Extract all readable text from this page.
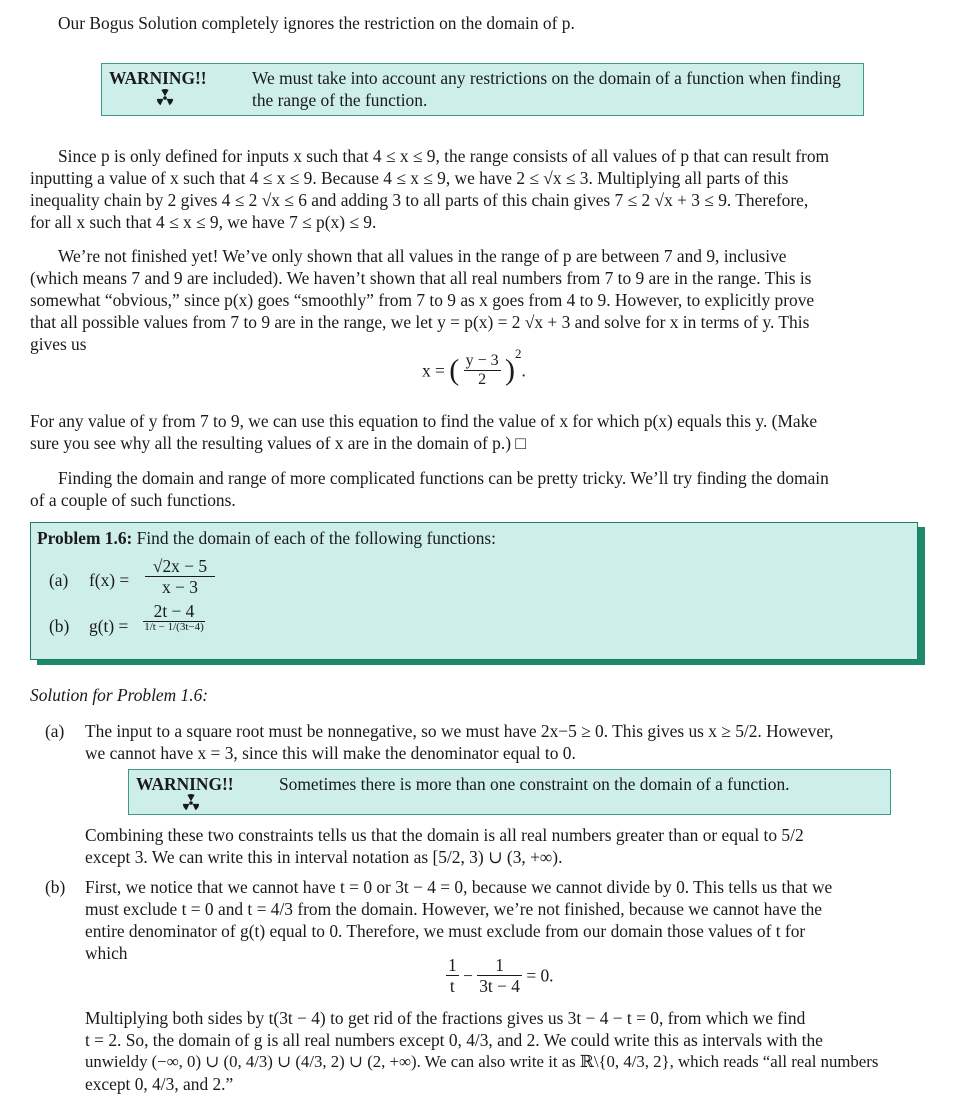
Our Bogus Solution completely ignores the restriction on the domain of p.
WARNING!!	We must take into account any restrictions on the domain of a function when finding the range of the function.
Since p is only defined for inputs x such that 4 ≤ x ≤ 9, the range consists of all values of p that can result from
inputting a value of x such that 4 ≤ x ≤ 9. Because 4 ≤ x ≤ 9, we have 2 ≤ √x ≤ 3. Multiplying all parts of this
inequality chain by 2 gives 4 ≤ 2 √x ≤ 6 and adding 3 to all parts of this chain gives 7 ≤ 2 √x + 3 ≤ 9. Therefore,
for all x such that 4 ≤ x ≤ 9, we have 7 ≤ p(x) ≤ 9.
We’re not finished yet! We’ve only shown that all values in the range of p are between 7 and 9, inclusive
(which means 7 and 9 are included). We haven’t shown that all real numbers from 7 to 9 are in the range. This is
somewhat “obvious,” since p(x) goes “smoothly” from 7 to 9 as x goes from 4 to 9. However, to explicitly prove
that all possible values from 7 to 9 are in the range, we let y = p(x) = 2 √x + 3 and solve for x in terms of y. This
gives us
x = ( $\frac{y - 3}{2} )^2$.
For any value of y from 7 to 9, we can use this equation to find the value of x for which p(x) equals this y. (Make
sure you see why all the resulting values of x are in the domain of p.) □
Finding the domain and range of more complicated functions can be pretty tricky. We’ll try finding the domain
of a couple of such functions.
Problem 1.6: Find the domain of each of the following functions:
(a) $f(x) = \frac{√2x - 5}{x - 3}$
(b) g(t) =
2t − 4
1/t − 1/(3t−4)
Solution for Problem 1.6:
(a) The input to a square root must be nonnegative, so we must have 2x−5 ≥ 0. This gives us x ≥ 5/2. However,
we cannot have x = 3, since this will make the denominator equal to 0.
WARNING!!	Sometimes there is more than one constraint on the domain of a function.
Combining these two constraints tells us that the domain is all real numbers greater than or equal to 5/2
except 3. We can write this in interval notation as [5/2, 3) ∪ (3, +∞).
(b) First, we notice that we cannot have t = 0 or 3t − 4 = 0, because we cannot divide by 0. This tells us that we
must exclude t = 0 and t = 4/3 from the domain. However, we’re not finished, because we cannot have the
entire denominator of g(t) equal to 0. Therefore, we must exclude from our domain those values of t for
which
$\frac{1}{t} - \frac{1}{3t - 4} = 0$.
Multiplying both sides by t(3t − 4) to get rid of the fractions gives us 3t − 4 − t = 0, from which we find
t = 2. So, the domain of g is all real numbers except 0, 4/3, and 2. We could write this as intervals with the
unwieldy (−∞, 0) ∪ (0, 4/3) ∪ (4/3, 2) ∪ (2, +∞). We can also write it as ℝ\{0, 4/3, 2}, which reads “all real numbers
except 0, 4/3, and 2.”
